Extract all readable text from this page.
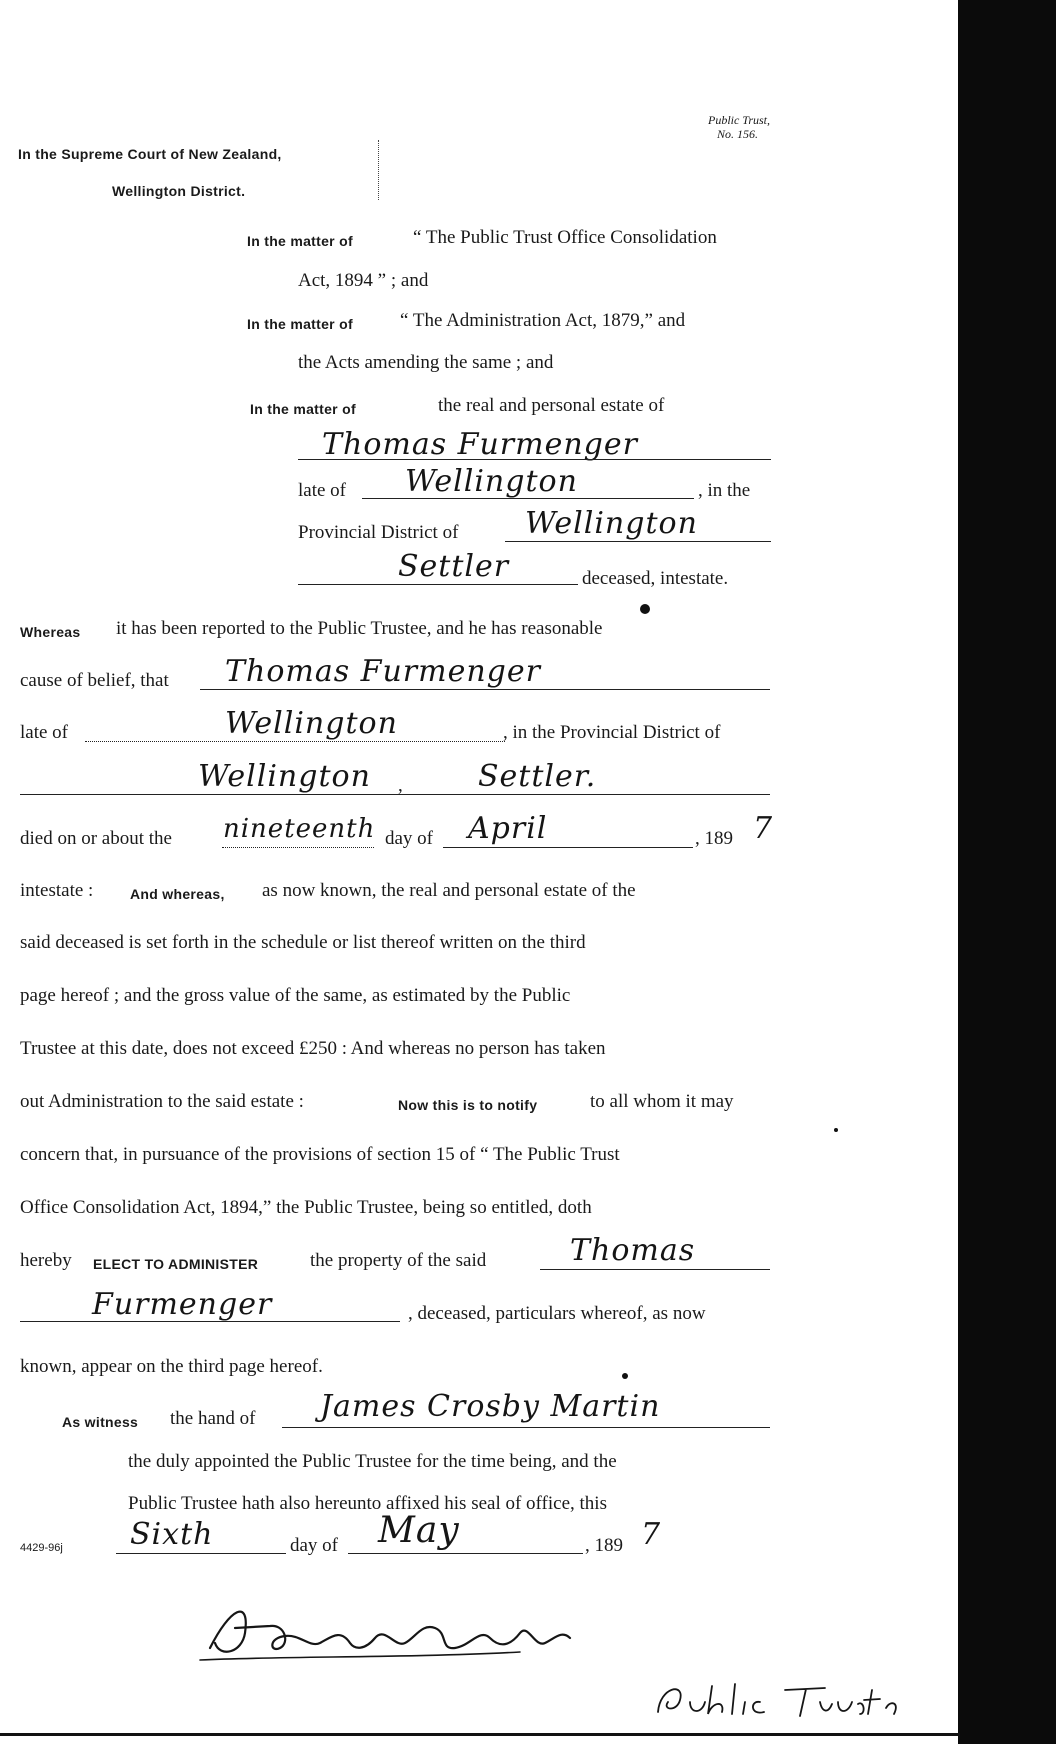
Public Trust,
No. 156.
In the Supreme Court of New Zealand,
Wellington District.
In the matter of	“ The Public Trust Office Consolidation
Act, 1894 ” ; and
In the matter of “ The Administration Act, 1879,” and
the Acts amending the same ; and
In the matter of	the real and personal estate of
Thomas Furmenger
late of Wellington	, in the
Provincial District of Wellington
Settler	deceased, intestate.
Whereas it has been reported to the Public Trustee, and he has reasonable
cause of belief, that Thomas Furmenger
late of	Wellington	, in the Provincial District of
Wellington ,	Settler.
died on or about the nineteenth day of April	, 189 7
intestate :	And whereas, as now known, the real and personal estate of the
said deceased is set forth in the schedule or list thereof written on the third
page hereof ; and the gross value of the same, as estimated by the Public
Trustee at this date, does not exceed £250 : And whereas no person has taken
out Administration to the said estate :	Now this is to notify	to all whom it may
concern that, in pursuance of the provisions of section 15 of “ The Public Trust
Office Consolidation Act, 1894,” the Public Trustee, being so entitled, doth
hereby ELECT TO ADMINISTER	the property of the said	Thomas
Furmenger	, deceased, particulars whereof, as now
known, appear on the third page hereof.
As witness the hand of James Crosby Martin
the duly appointed the Public Trustee for the time being, and the
Public Trustee hath also hereunto affixed his seal of office, this
Sixth	day of May	, 189 7
4429-96j
